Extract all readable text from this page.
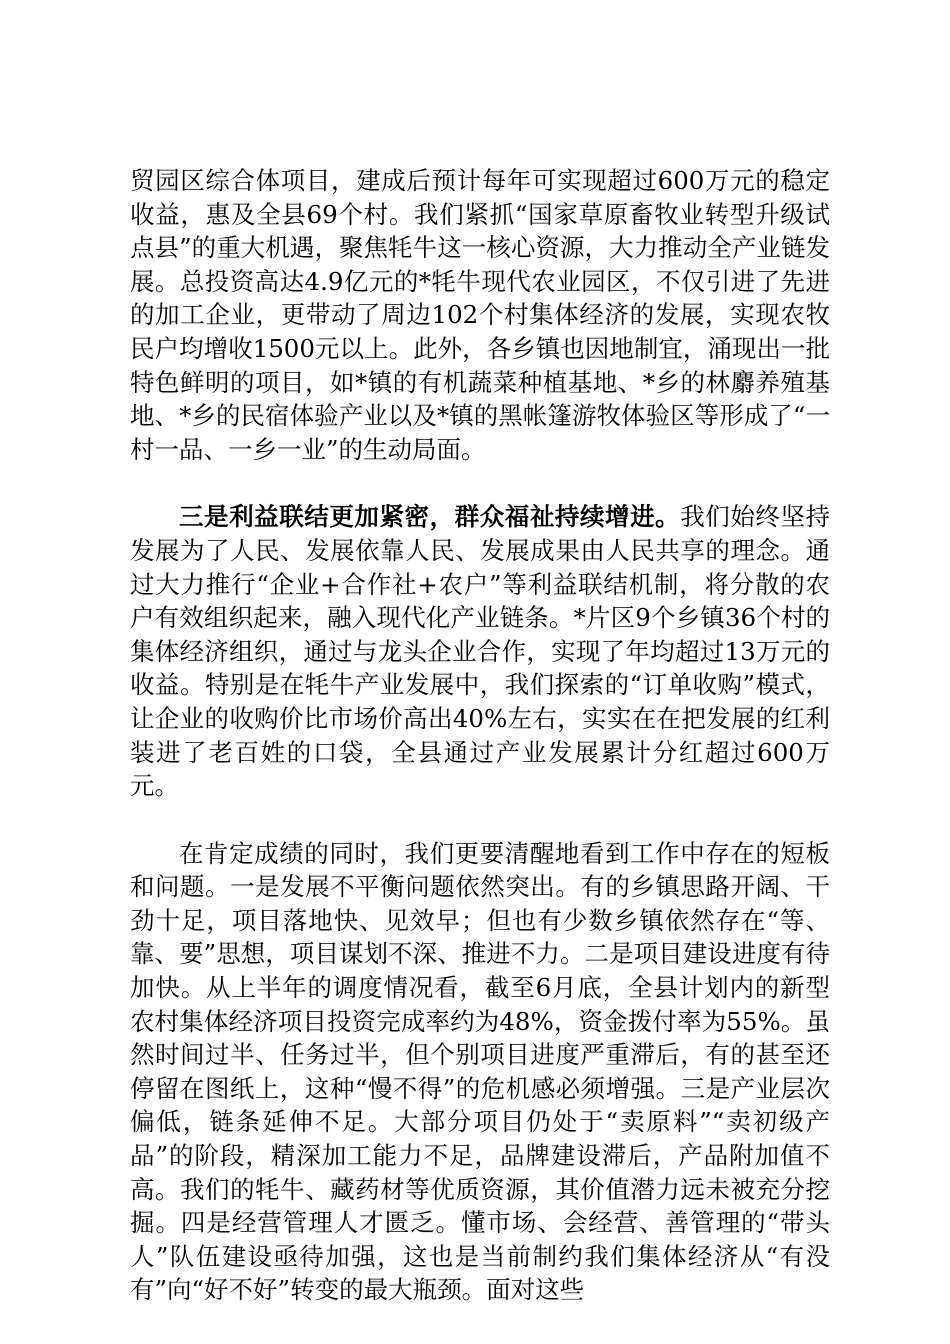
贸园区综合体项目，建成后预计每年可实现超过600万元的稳定收益，惠及全县69个村。我们紧抓“国家草原畜牧业转型升级试点县”的重大机遇，聚焦牦牛这一核心资源，大力推动全产业链发展。总投资高达4.9亿元的*牦牛现代农业园区，不仅引进了先进的加工企业，更带动了周边102个村集体经济的发展，实现农牧民户均增收1500元以上。此外，各乡镇也因地制宜，涌现出一批特色鲜明的项目，如*镇的有机蔬菜种植基地、*乡的林麝养殖基地、*乡的民宿体验产业以及*镇的黑帐篷游牧体验区等形成了“一村一品、一乡一业”的生动局面。

三是利益联结更加紧密，群众福祉持续增进。我们始终坚持发展为了人民、发展依靠人民、发展成果由人民共享的理念。通过大力推行“企业+合作社+农户”等利益联结机制，将分散的农户有效组织起来，融入现代化产业链条。*片区9个乡镇36个村的集体经济组织，通过与龙头企业合作，实现了年均超过13万元的收益。特别是在牦牛产业发展中，我们探索的“订单收购”模式，让企业的收购价比市场价高出40%左右，实实在在把发展的红利装进了老百姓的口袋，全县通过产业发展累计分红超过600万元。

在肯定成绩的同时，我们更要清醒地看到工作中存在的短板和问题。一是发展不平衡问题依然突出。有的乡镇思路开阔、干劲十足，项目落地快、见效早；但也有少数乡镇依然存在“等、靠、要”思想，项目谋划不深、推进不力。二是项目建设进度有待加快。从上半年的调度情况看，截至6月底，全县计划内的新型农村集体经济项目投资完成率约为48%，资金拨付率为55%。虽然时间过半、任务过半，但个别项目进度严重滞后，有的甚至还停留在图纸上，这种“慢不得”的危机感必须增强。三是产业层次偏低，链条延伸不足。大部分项目仍处于“卖原料”“卖初级产品”的阶段，精深加工能力不足，品牌建设滞后，产品附加值不高。我们的牦牛、藏药材等优质资源，其价值潜力远未被充分挖掘。四是经营管理人才匮乏。懂市场、会经营、善管理的“带头人”队伍建设亟待加强，这也是当前制约我们集体经济从“有没有”向“好不好”转变的最大瓶颈。面对这些
